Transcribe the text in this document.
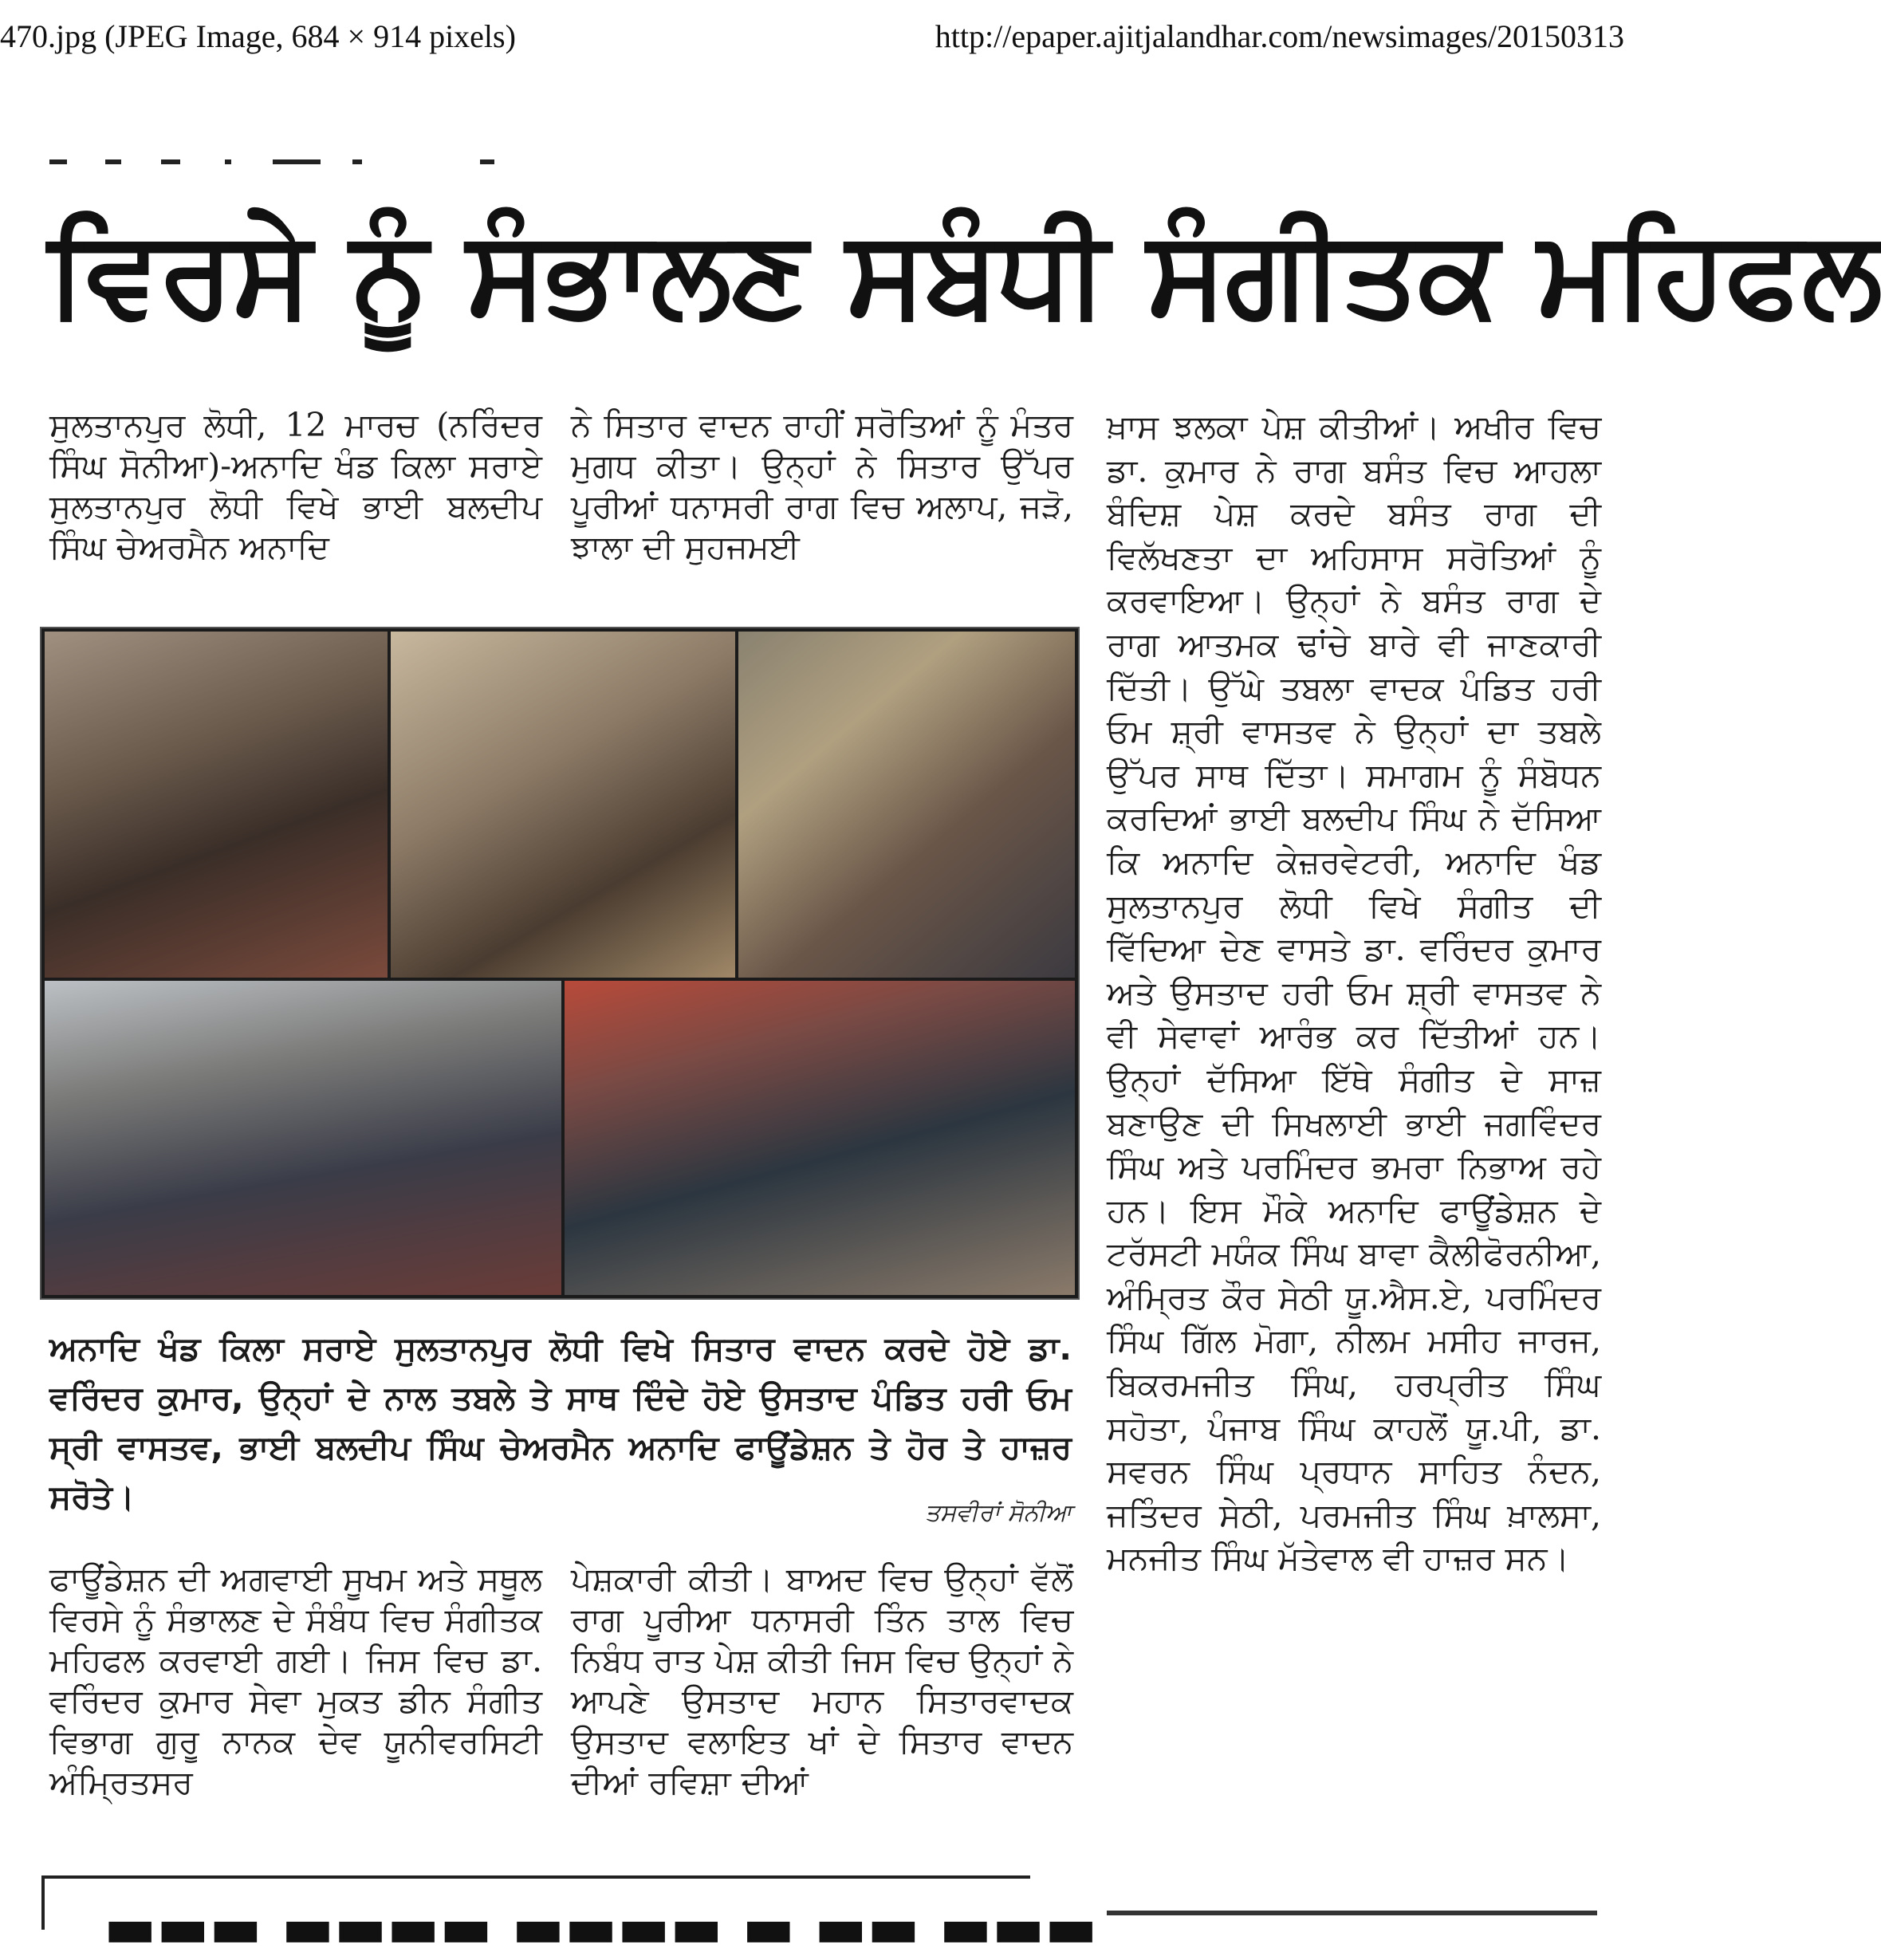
470.jpg (JPEG Image, 684 × 914 pixels)	http://epaper.ajitjalandhar.com/newsimages/20150313
ਵਿਰਸੇ ਨੂੰ ਸੰਭਾਲਣ ਸਬੰਧੀ ਸੰਗੀਤਕ ਮਹਿਫਲ

ਸੁਲਤਾਨਪੁਰ ਲੋਧੀ, 12 ਮਾਰਚ (ਨਰਿੰਦਰ ਸਿੰਘ ਸੋਨੀਆ)-ਅਨਾਦਿ ਖੰਡ ਕਿਲਾ ਸਰਾਏ ਸੁਲਤਾਨਪੁਰ ਲੋਧੀ ਵਿਖੇ ਭਾਈ ਬਲਦੀਪ ਸਿੰਘ ਚੇਅਰਮੈਨ ਅਨਾਦਿ

ਨੇ ਸਿਤਾਰ ਵਾਦਨ ਰਾਹੀਂ ਸਰੋਤਿਆਂ ਨੂੰ ਮੰਤਰ ਮੁਗਧ ਕੀਤਾ। ਉਨ੍ਹਾਂ ਨੇ ਸਿਤਾਰ ਉੱਪਰ ਪੂਰੀਆਂ ਧਨਾਸਰੀ ਰਾਗ ਵਿਚ ਅਲਾਪ, ਜੜੋ, ਝਾਲਾ ਦੀ ਸੁਹਜਮਈ

ਖ਼ਾਸ ਝਲਕਾ ਪੇਸ਼ ਕੀਤੀਆਂ। ਅਖੀਰ ਵਿਚ ਡਾ. ਕੁਮਾਰ ਨੇ ਰਾਗ ਬਸੰਤ ਵਿਚ ਆਹਲਾ ਬੰਦਿਸ਼ ਪੇਸ਼ ਕਰਦੇ ਬਸੰਤ ਰਾਗ ਦੀ ਵਿਲੱਖਣਤਾ ਦਾ ਅਹਿਸਾਸ ਸਰੋਤਿਆਂ ਨੂੰ ਕਰਵਾਇਆ। ਉਨ੍ਹਾਂ ਨੇ ਬਸੰਤ ਰਾਗ ਦੇ ਰਾਗ ਆਤਮਕ ਢਾਂਚੇ ਬਾਰੇ ਵੀ ਜਾਣਕਾਰੀ ਦਿੱਤੀ। ਉੱਘੇ ਤਬਲਾ ਵਾਦਕ ਪੰਡਿਤ ਹਰੀ ਓਮ ਸ਼੍ਰੀ ਵਾਸਤਵ ਨੇ ਉਨ੍ਹਾਂ ਦਾ ਤਬਲੇ ਉੱਪਰ ਸਾਥ ਦਿੱਤਾ। ਸਮਾਗਮ ਨੂੰ ਸੰਬੋਧਨ ਕਰਦਿਆਂ ਭਾਈ ਬਲਦੀਪ ਸਿੰਘ ਨੇ ਦੱਸਿਆ ਕਿ ਅਨਾਦਿ ਕੇਜ਼ਰਵੇਟਰੀ, ਅਨਾਦਿ ਖੰਡ ਸੁਲਤਾਨਪੁਰ ਲੋਧੀ ਵਿਖੇ ਸੰਗੀਤ ਦੀ ਵਿੱਦਿਆ ਦੇਣ ਵਾਸਤੇ ਡਾ. ਵਰਿੰਦਰ ਕੁਮਾਰ ਅਤੇ ਉਸਤਾਦ ਹਰੀ ਓਮ ਸ਼੍ਰੀ ਵਾਸਤਵ ਨੇ ਵੀ ਸੇਵਾਵਾਂ ਆਰੰਭ ਕਰ ਦਿੱਤੀਆਂ ਹਨ। ਉਨ੍ਹਾਂ ਦੱਸਿਆ ਇੱਥੇ ਸੰਗੀਤ ਦੇ ਸਾਜ਼ ਬਣਾਉਣ ਦੀ ਸਿਖਲਾਈ ਭਾਈ ਜਗਵਿੰਦਰ ਸਿੰਘ ਅਤੇ ਪਰਮਿੰਦਰ ਭਮਰਾ ਨਿਭਾਅ ਰਹੇ ਹਨ। ਇਸ ਮੌਕੇ ਅਨਾਦਿ ਫਾਊਂਡੇਸ਼ਨ ਦੇ ਟਰੱਸਟੀ ਮਯੰਕ ਸਿੰਘ ਬਾਵਾ ਕੈਲੀਫੋਰਨੀਆ, ਅੰਮ੍ਰਿਤ ਕੌਰ ਸੇਠੀ ਯੂ.ਐਸ.ਏ, ਪਰਮਿੰਦਰ ਸਿੰਘ ਗਿੱਲ ਮੋਗਾ, ਨੀਲਮ ਮਸੀਹ ਜਾਰਜ, ਬਿਕਰਮਜੀਤ ਸਿੰਘ, ਹਰਪ੍ਰੀਤ ਸਿੰਘ ਸਹੋਤਾ, ਪੰਜਾਬ ਸਿੰਘ ਕਾਹਲੋਂ ਯੂ.ਪੀ, ਡਾ. ਸਵਰਨ ਸਿੰਘ ਪ੍ਰਧਾਨ ਸਾਹਿਤ ਨੰਦਨ, ਜਤਿੰਦਰ ਸੇਠੀ, ਪਰਮਜੀਤ ਸਿੰਘ ਖ਼ਾਲਸਾ, ਮਨਜੀਤ ਸਿੰਘ ਮੱਤੇਵਾਲ ਵੀ ਹਾਜ਼ਰ ਸਨ।

ਅਨਾਦਿ ਖੰਡ ਕਿਲਾ ਸਰਾਏ ਸੁਲਤਾਨਪੁਰ ਲੋਧੀ ਵਿਖੇ ਸਿਤਾਰ ਵਾਦਨ ਕਰਦੇ ਹੋਏ ਡਾ. ਵਰਿੰਦਰ ਕੁਮਾਰ, ਉਨ੍ਹਾਂ ਦੇ ਨਾਲ ਤਬਲੇ ਤੇ ਸਾਥ ਦਿੰਦੇ ਹੋਏ ਉਸਤਾਦ ਪੰਡਿਤ ਹਰੀ ਓਮ ਸ੍ਰੀ ਵਾਸਤਵ, ਭਾਈ ਬਲਦੀਪ ਸਿੰਘ ਚੇਅਰਮੈਨ ਅਨਾਦਿ ਫਾਊਂਡੇਸ਼ਨ ਤੇ ਹੋਰ ਤੇ ਹਾਜ਼ਰ ਸਰੋਤੇ।	ਤਸਵੀਰਾਂ ਸੋਨੀਆ

ਫਾਊਂਡੇਸ਼ਨ ਦੀ ਅਗਵਾਈ ਸੂਖਮ ਅਤੇ ਸਥੂਲ ਵਿਰਸੇ ਨੂੰ ਸੰਭਾਲਣ ਦੇ ਸੰਬੰਧ ਵਿਚ ਸੰਗੀਤਕ ਮਹਿਫਲ ਕਰਵਾਈ ਗਈ। ਜਿਸ ਵਿਚ ਡਾ. ਵਰਿੰਦਰ ਕੁਮਾਰ ਸੇਵਾ ਮੁਕਤ ਡੀਨ ਸੰਗੀਤ ਵਿਭਾਗ ਗੁਰੂ ਨਾਨਕ ਦੇਵ ਯੂਨੀਵਰਸਿਟੀ ਅੰਮ੍ਰਿਤਸਰ

ਪੇਸ਼ਕਾਰੀ ਕੀਤੀ। ਬਾਅਦ ਵਿਚ ਉਨ੍ਹਾਂ ਵੱਲੋਂ ਰਾਗ ਪੂਰੀਆ ਧਨਾਸਰੀ ਤਿੰਨ ਤਾਲ ਵਿਚ ਨਿਬੰਧ ਰਾਤ ਪੇਸ਼ ਕੀਤੀ ਜਿਸ ਵਿਚ ਉਨ੍ਹਾਂ ਨੇ ਆਪਣੇ ਉਸਤਾਦ ਮਹਾਨ ਸਿਤਾਰਵਾਦਕ ਉਸਤਾਦ ਵਲਾਇਤ ਖਾਂ ਦੇ ਸਿਤਾਰ ਵਾਦਨ ਦੀਆਂ ਰਵਿਸ਼ਾ ਦੀਆਂ

▬▬▬ ▬▬▬▬ ▬▬▬▬ ▬ ▬▬ ▬▬▬
